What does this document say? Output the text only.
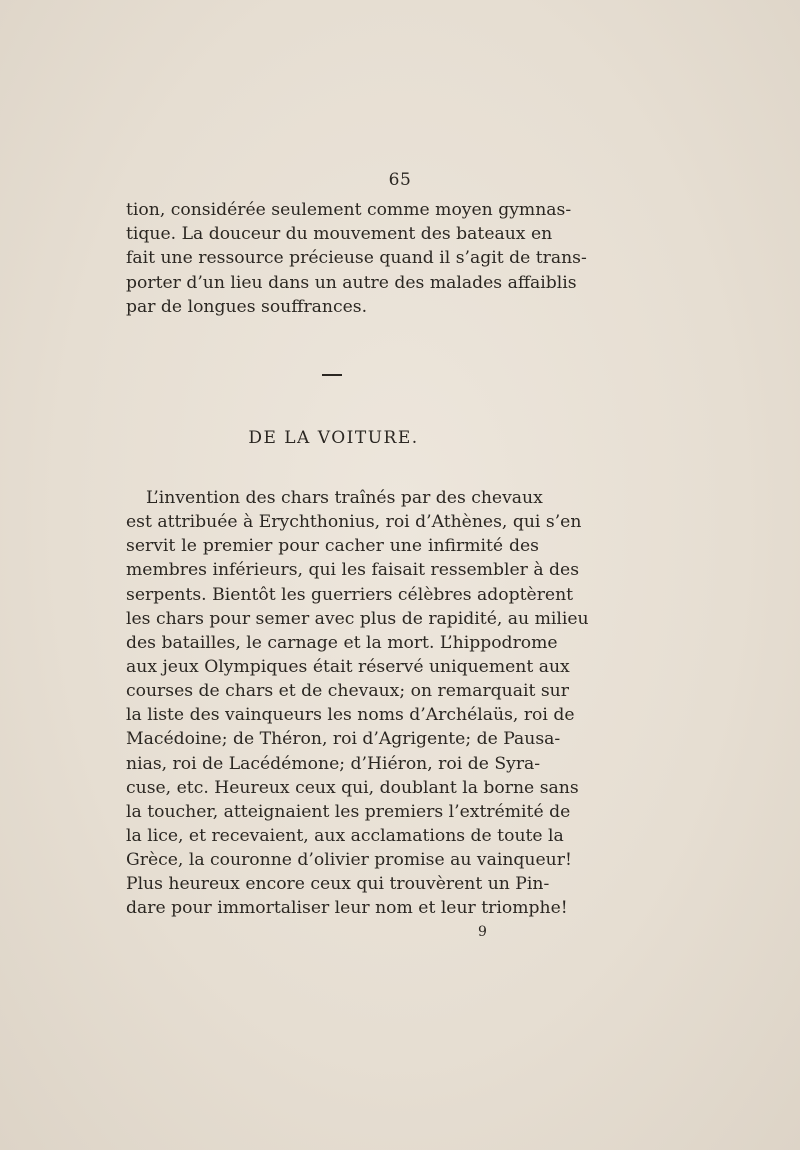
65
tion, considérée seulement comme moyen gymnas-
tique. La douceur du mouvement des bateaux en
fait une ressource précieuse quand il s’agit de trans-
porter d’un lieu dans un autre des malades affaiblis
par de longues souffrances.
DE LA VOITURE.
L’invention des chars traînés par des chevaux
est attribuée à Erychthonius, roi d’Athènes, qui s’en
servit le premier pour cacher une infirmité des
membres inférieurs, qui les faisait ressembler à des
serpents. Bientôt les guerriers célèbres adoptèrent
les chars pour semer avec plus de rapidité, au milieu
des batailles, le carnage et la mort. L’hippodrome
aux jeux Olympiques était réservé uniquement aux
courses de chars et de chevaux; on remarquait sur
la liste des vainqueurs les noms d’Archélaüs, roi de
Macédoine; de Théron, roi d’Agrigente; de Pausa-
nias, roi de Lacédémone; d’Hiéron, roi de Syra-
cuse, etc. Heureux ceux qui, doublant la borne sans
la toucher, atteignaient les premiers l’extrémité de
la lice, et recevaient, aux acclamations de toute la
Grèce, la couronne d’olivier promise au vainqueur!
Plus heureux encore ceux qui trouvèrent un Pin-
dare pour immortaliser leur nom et leur triomphe!
9
